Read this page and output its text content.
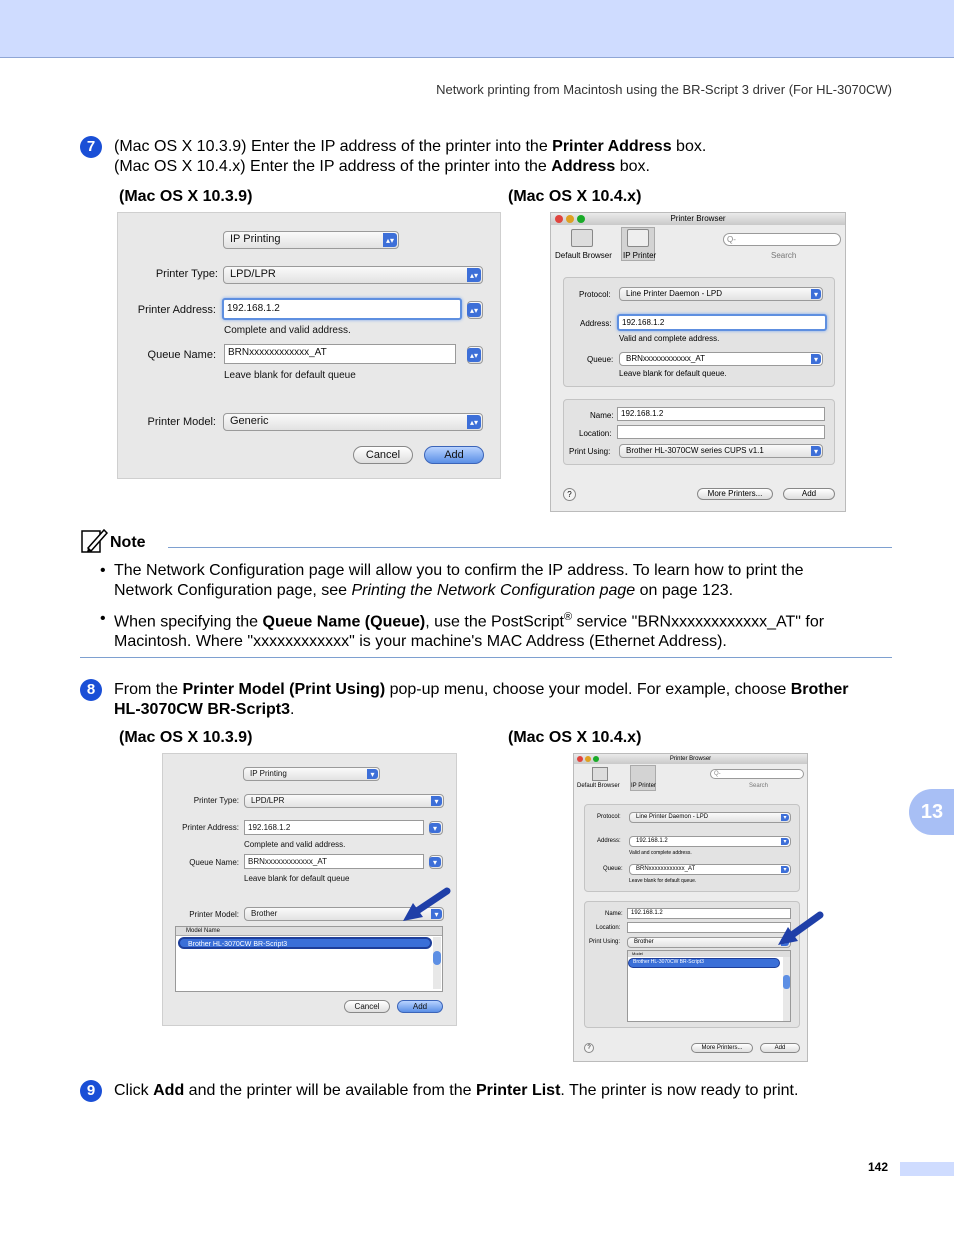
Network printing from Macintosh using the BR-Script 3 driver (For HL-3070CW)
7	(Mac OS X 10.3.9) Enter the IP address of the printer into the Printer Address box.
(Mac OS X 10.4.x) Enter the IP address of the printer into the Address box.
(Mac OS X 10.3.9)	(Mac OS X 10.4.x)
IP Printing	▴▾
Printer Type:	LPD/LPR	▴▾
Printer Address:	192.168.1.2	▴▾
Complete and valid address.
Queue Name:	BRNxxxxxxxxxxxx_AT	▴▾
Leave blank for default queue
Printer Model:	Generic	▴▾
Cancel	Add
Printer Browser
Default Browser IP Printer
Q-
Search
Protocol:	Line Printer Daemon - LPD	▾
Address:	192.168.1.2
Valid and complete address.
Queue:	BRNxxxxxxxxxxxx_AT	▾
Leave blank for default queue.
Name: 192.168.1.2
Location:
Print Using:	Brother HL-3070CW series CUPS v1.1	▾
?	More Printers...	Add
Note
• The Network Configuration page will allow you to confirm the IP address. To learn how to print the
Network Configuration page, see Printing the Network Configuration page on page 123.
• When specifying the Queue Name (Queue), use the PostScript® service "BRNxxxxxxxxxxxx_AT" for
Macintosh. Where "xxxxxxxxxxxx" is your machine's MAC Address (Ethernet Address).
8	From the Printer Model (Print Using) pop-up menu, choose your model. For example, choose Brother
HL-3070CW BR-Script3.
(Mac OS X 10.3.9)	(Mac OS X 10.4.x)
IP Printing	▾
Printer Type:	LPD/LPR	▾
Printer Address:	192.168.1.2	▾
Complete and valid address.
Queue Name:	BRNxxxxxxxxxxxx_AT	▾
Leave blank for default queue
Printer Model:	Brother	▾
Model Name
Brother HL-3070CW BR-Script3
Cancel	Add
Printer Browser
Default Browser IP Printer
Q-
Search
Protocol:	Line Printer Daemon - LPD	▾
Address:	192.168.1.2	▾
Valid and complete address.
Queue:	BRNxxxxxxxxxxxx_AT	▾
Leave blank for default queue.
Name:	192.168.1.2
Location:
Print Using:	Brother
Model
Brother HL-3070CW BR-Script3
?	More Printers...	Add
9	Click Add and the printer will be available from the Printer List. The printer is now ready to print.
13
142
